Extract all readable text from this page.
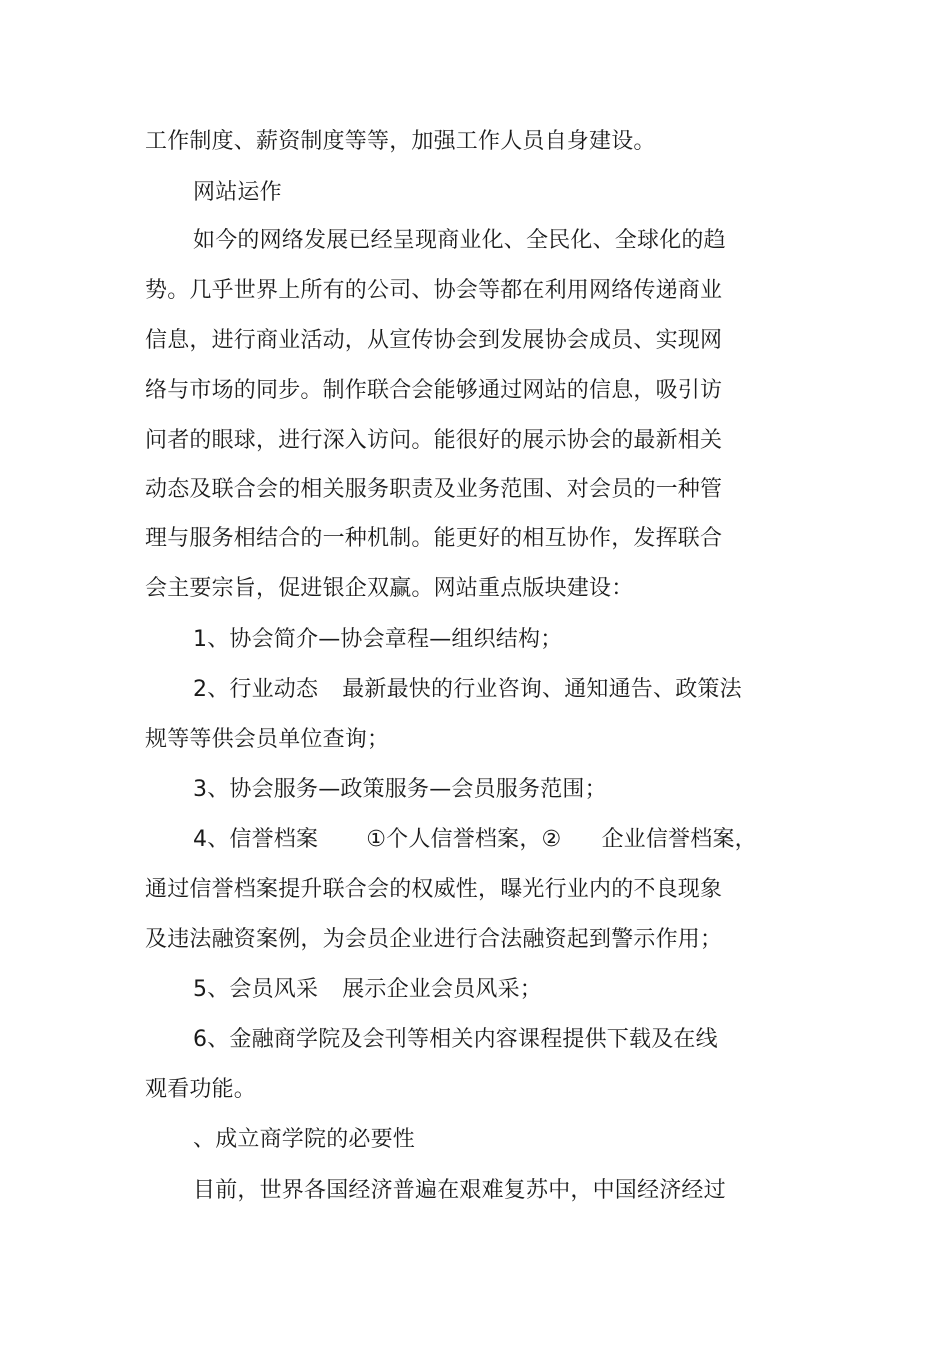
工作制度、薪资制度等等，加强工作人员自身建设。
网站运作
如今的网络发展已经呈现商业化、全民化、全球化的趋
势。几乎世界上所有的公司、协会等都在利用网络传递商业
信息，进行商业活动，从宣传协会到发展协会成员、实现网
络与市场的同步。制作联合会能够通过网站的信息，吸引访
问者的眼球，进行深入访问。能很好的展示协会的最新相关
动态及联合会的相关服务职责及业务范围、对会员的一种管
理与服务相结合的一种机制。能更好的相互协作，发挥联合
会主要宗旨，促进银企双赢。网站重点版块建设：
1、协会简介—协会章程—组织结构；
2、行业动态 最新最快的行业咨询、通知通告、政策法
规等等供会员单位查询；
3、协会服务—政策服务—会员服务范围；
4、信誉档案 ①个人信誉档案，② 企业信誉档案，
通过信誉档案提升联合会的权威性，曝光行业内的不良现象
及违法融资案例，为会员企业进行合法融资起到警示作用；
5、会员风采 展示企业会员风采；
6、金融商学院及会刊等相关内容课程提供下载及在线
观看功能。
、成立商学院的必要性
目前，世界各国经济普遍在艰难复苏中，中国经济经过
